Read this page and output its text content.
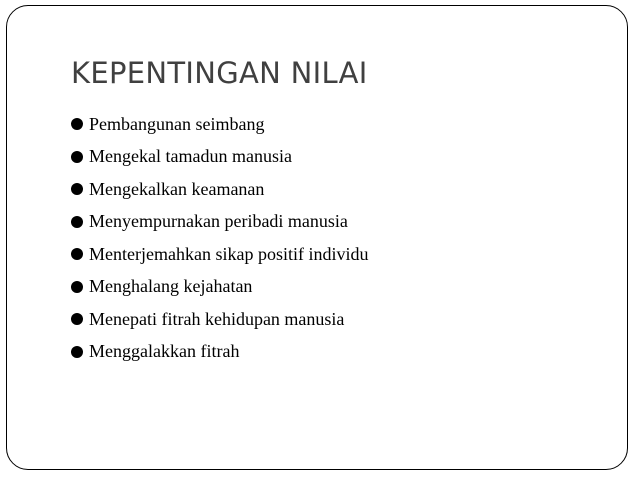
KEPENTINGAN NILAI
Pembangunan seimbang
Mengekal tamadun manusia
Mengekalkan keamanan
Menyempurnakan peribadi manusia
Menterjemahkan sikap positif individu
Menghalang kejahatan
Menepati fitrah kehidupan manusia
Menggalakkan fitrah
